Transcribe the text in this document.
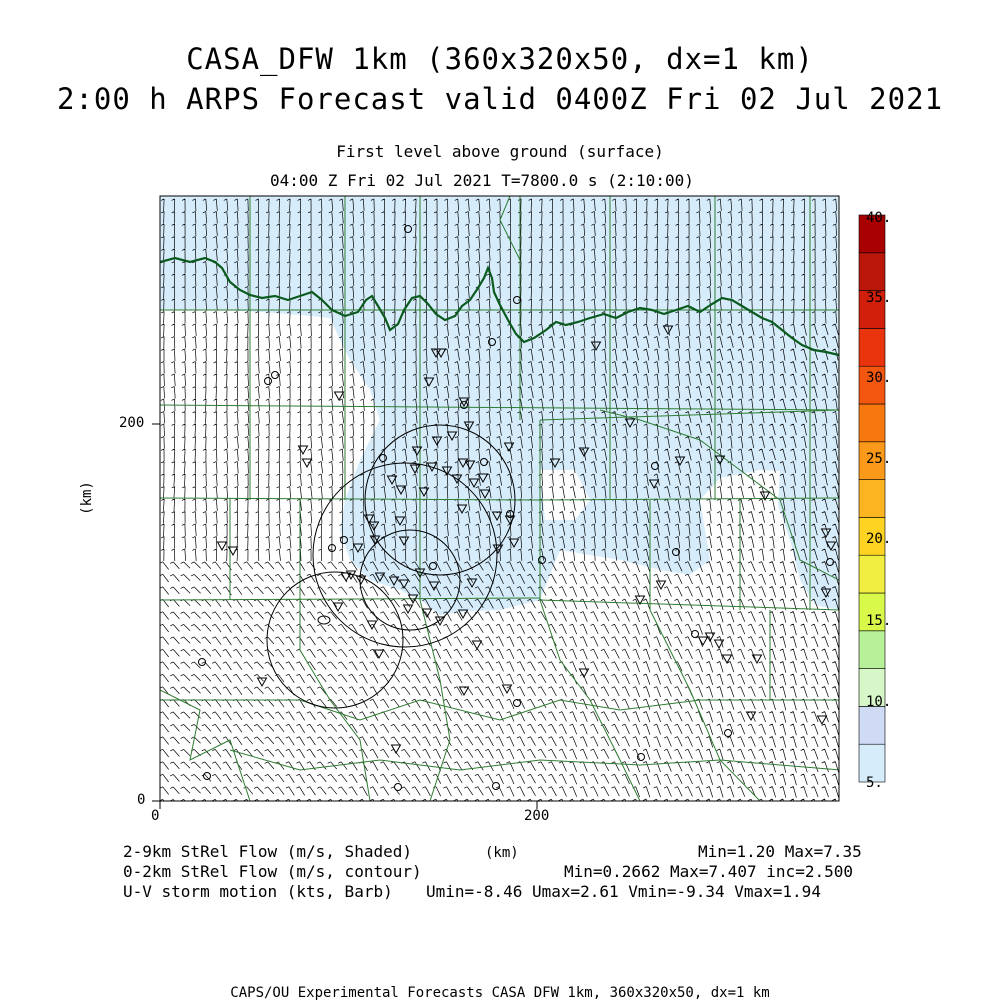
CASA_DFW 1km (360x320x50, dx=1 km)
2:00 h ARPS Forecast valid 0400Z Fri 02 Jul 2021
First level above ground (surface)
04:00 Z Fri 02 Jul 2021 T=7800.0 s (2:10:00)
0	200
0
200
(km)
40.
35.
30.
25.
20.
15.
10.
5.
2-9km StRel Flow (m/s, Shaded)
0-2km StRel Flow (m/s, contour)
U-V storm motion (kts, Barb)
(km)	Min=1.20 Max=7.35
Min=0.2662 Max=7.407 inc=2.500
Umin=-8.46 Umax=2.61 Vmin=-9.34 Vmax=1.94
CAPS/OU Experimental Forecasts CASA DFW 1km, 360x320x50, dx=1 km
